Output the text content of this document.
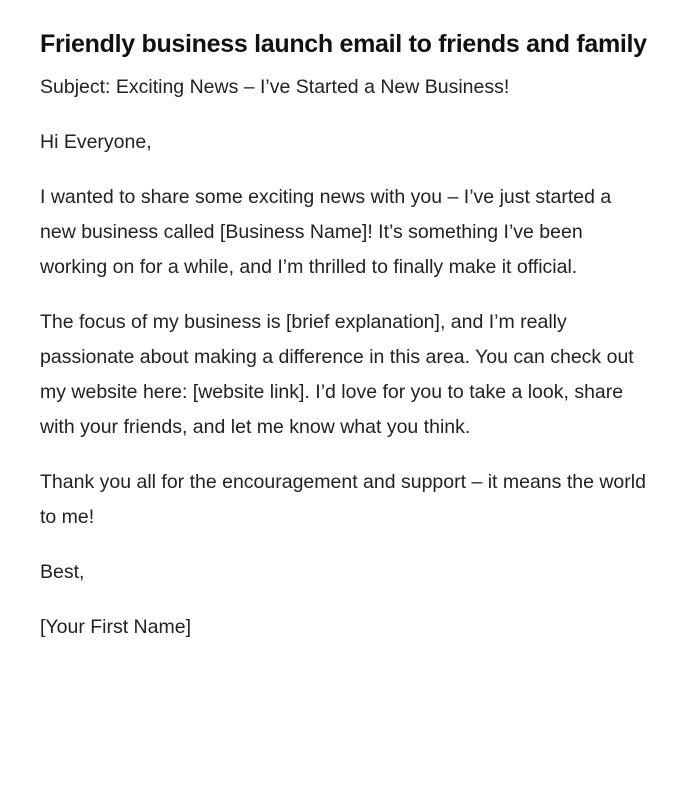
Friendly business launch email to friends and family

Subject: Exciting News – I’ve Started a New Business!

Hi Everyone,

I wanted to share some exciting news with you – I’ve just started a new business called [Business Name]! It’s something I’ve been working on for a while, and I’m thrilled to finally make it official.

The focus of my business is [brief explanation], and I’m really passionate about making a difference in this area. You can check out my website here: [website link]. I’d love for you to take a look, share with your friends, and let me know what you think.

Thank you all for the encouragement and support – it means the world to me!

Best,

[Your First Name]
